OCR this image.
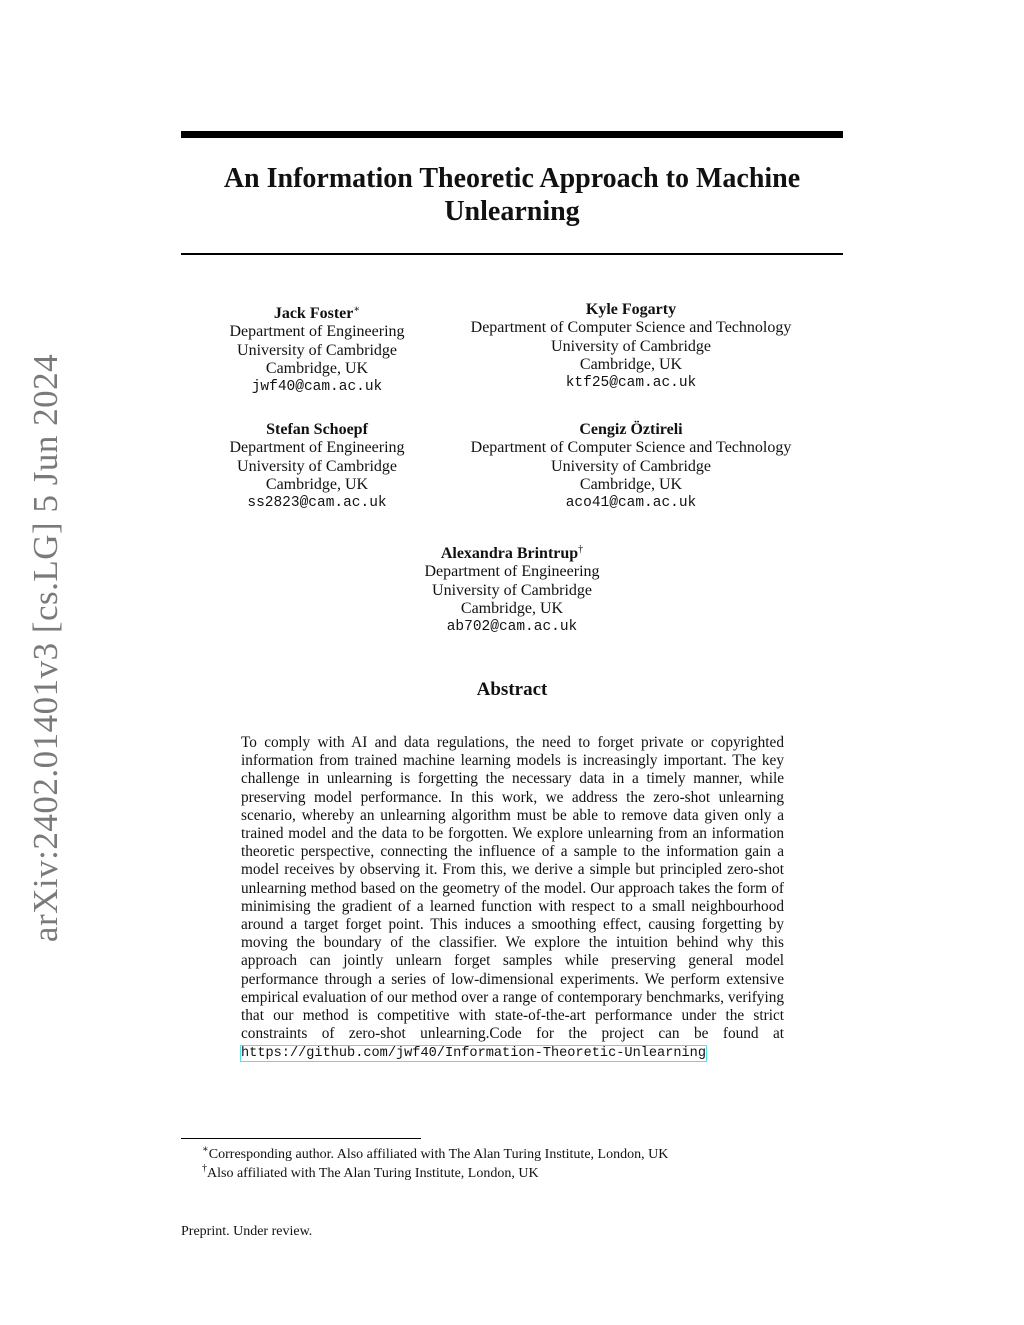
arXiv:2402.01401v3 [cs.LG] 5 Jun 2024
An Information Theoretic Approach to Machine Unlearning
Jack Foster∗
Department of Engineering
University of Cambridge
Cambridge, UK
jwf40@cam.ac.uk
Kyle Fogarty
Department of Computer Science and Technology
University of Cambridge
Cambridge, UK
ktf25@cam.ac.uk
Stefan Schoepf
Department of Engineering
University of Cambridge
Cambridge, UK
ss2823@cam.ac.uk
Cengiz Öztireli
Department of Computer Science and Technology
University of Cambridge
Cambridge, UK
aco41@cam.ac.uk
Alexandra Brintrup†
Department of Engineering
University of Cambridge
Cambridge, UK
ab702@cam.ac.uk
Abstract
To comply with AI and data regulations, the need to forget private or copyrighted information from trained machine learning models is increasingly important. The key challenge in unlearning is forgetting the necessary data in a timely manner, while preserving model performance. In this work, we address the zero-shot unlearning scenario, whereby an unlearning algorithm must be able to remove data given only a trained model and the data to be forgotten. We explore unlearning from an information theoretic perspective, connecting the influence of a sample to the information gain a model receives by observing it. From this, we derive a simple but principled zero-shot unlearning method based on the geometry of the model. Our approach takes the form of minimising the gradient of a learned function with respect to a small neighbourhood around a target forget point. This induces a smoothing effect, causing forgetting by moving the boundary of the classifier. We explore the intuition behind why this approach can jointly unlearn forget samples while preserving general model performance through a series of low-dimensional experiments. We perform extensive empirical evaluation of our method over a range of contemporary benchmarks, verifying that our method is competitive with state-of-the-art performance under the strict constraints of zero-shot unlearning.Code for the project can be found at https://github.com/jwf40/Information-Theoretic-Unlearning
∗Corresponding author. Also affiliated with The Alan Turing Institute, London, UK
†Also affiliated with The Alan Turing Institute, London, UK
Preprint. Under review.
